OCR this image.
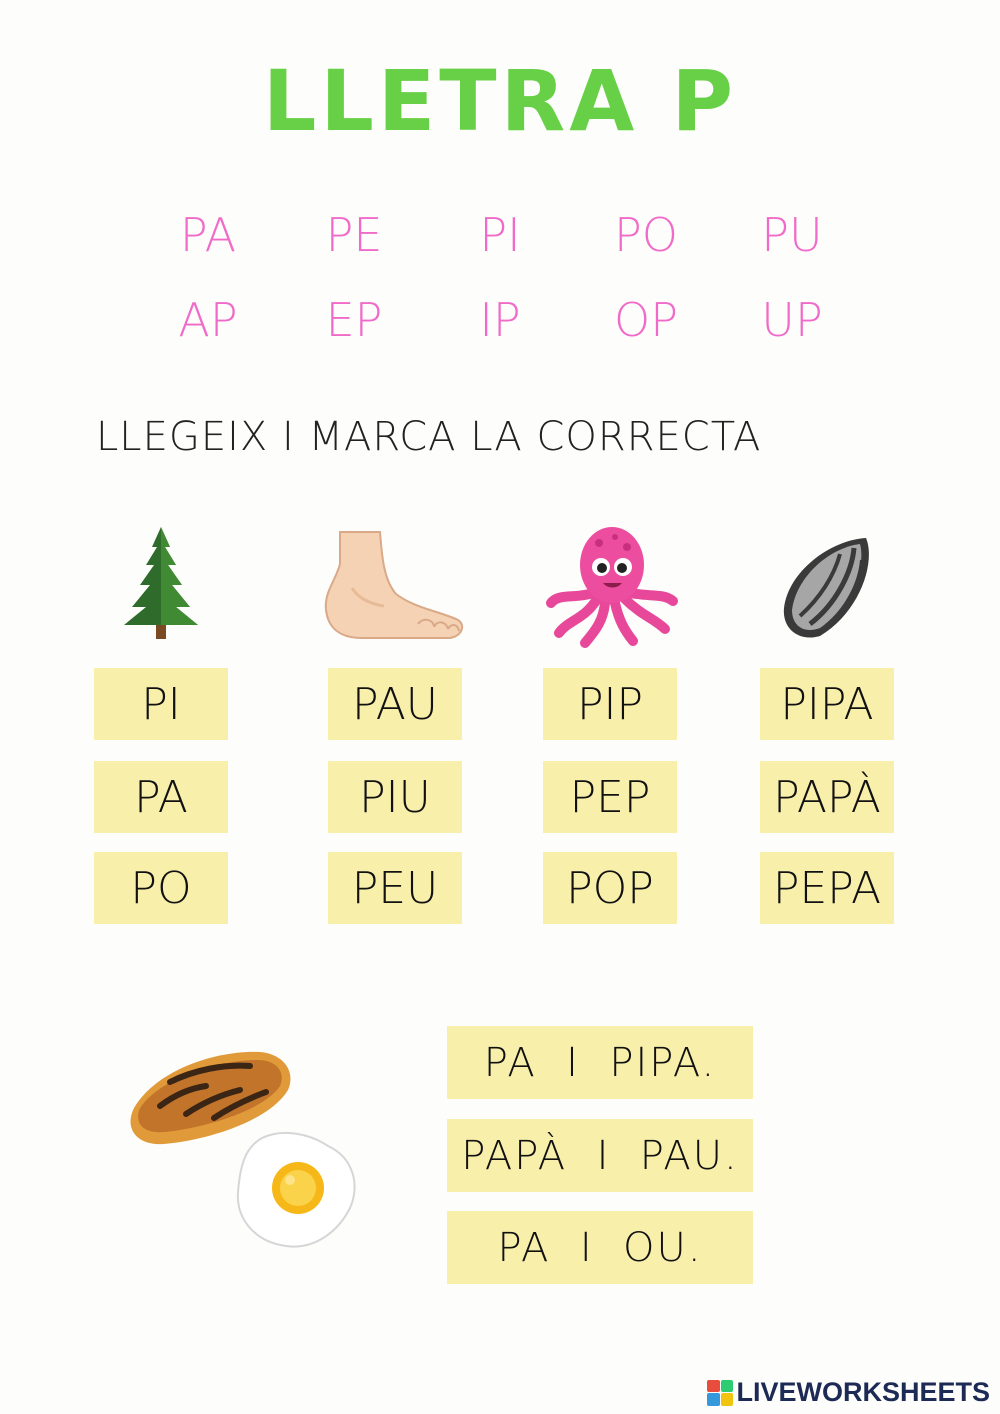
LLETRA P
PA	PE	PI	PO	PU
AP	EP	IP	OP	UP
LLEGEIX I MARCA LA CORRECTA
PI
PA
PO
PAU
PIU
PEU
PIP
PEP
POP
PIPA
PAPÀ
PEPA
PA  I  PIPA.
PAPÀ  I  PAU.
PA  I  OU.
LIVEWORKSHEETS
